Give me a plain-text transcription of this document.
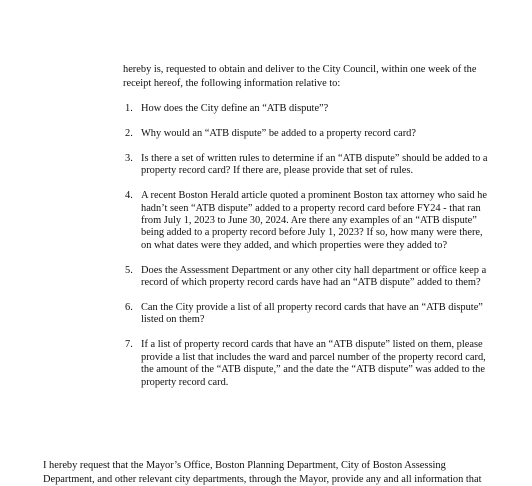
hereby is, requested to obtain and deliver to the City Council, within one week of the receipt hereof, the following information relative to:

1. How does the City define an “ATB dispute”?
2. Why would an “ATB dispute” be added to a property record card?
3. Is there a set of written rules to determine if an “ATB dispute” should be added to a property record card? If there are, please provide that set of rules.
4. A recent Boston Herald article quoted a prominent Boston tax attorney who said he hadn’t seen “ATB dispute” added to a property record card before FY24 - that ran from July 1, 2023 to June 30, 2024. Are there any examples of an “ATB dispute” being added to a property record before July 1, 2023? If so, how many were there, on what dates were they added, and which properties were they added to?
5. Does the Assessment Department or any other city hall department or office keep a record of which property record cards have had an “ATB dispute” added to them?
6. Can the City provide a list of all property record cards that have an “ATB dispute” listed on them?
7. If a list of property record cards that have an “ATB dispute” listed on them, please provide a list that includes the ward and parcel number of the property record card, the amount of the “ATB dispute,” and the date the “ATB dispute” was added to the property record card.

I hereby request that the Mayor’s Office, Boston Planning Department, City of Boston Assessing
Department, and other relevant city departments, through the Mayor, provide any and all information that
